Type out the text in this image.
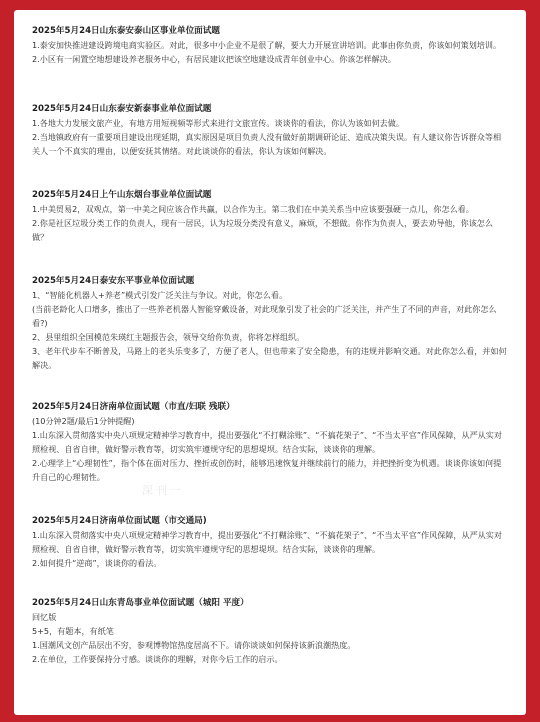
深刊一
2025年5月24日山东泰安泰山区事业单位面试题
1.泰安加快推进建设跨境电商实验区。对此，很多中小企业不是很了解，要大力开展宣讲培训。此事由你负责，你该如何策划培训。
2.小区有一闲置空地想建设养老服务中心，有居民建议把该空地建设成青年创业中心。你该怎样解决。
2025年5月24日山东泰安新泰事业单位面试题
1.各地大力发展文旅产业，有地方用短视频等形式来进行文旅宣传。谈谈你的看法，你认为该如何去做。
2.当地镇政府有一重要项目建设出现延期，真实原因是项目负责人没有做好前期调研论证、造成决策失误。有人建议你告诉群众等相关人一个不真实的理由，以便安抚其情绪。对此谈谈你的看法，你认为该如何解决。
2025年5月24日上午山东烟台事业单位面试题
1.中美贸易2，双观点，第一中美之间应该合作共赢，以合作为主。第二我们在中美关系当中应该要强硬一点儿，你怎么看。
2.你是社区垃圾分类工作的负责人，现有一居民，认为垃圾分类没有意义，麻烦，不想做。你作为负责人，要去劝导他，你该怎么做？
2025年5月24日泰安东平事业单位面试题
1、“智能化机器人+养老”模式引发广泛关注与争议。对此，你怎么看。
(当前老龄化人口增多，推出了一些养老机器人智能穿戴设备，对此现象引发了社会的广泛关注，并产生了不同的声音，对此你怎么看?)
2、县里组织全国模范朱瑛红主题报告会，领导交给你负责，你将怎样组织。
3、老年代步车不断普及，马路上的老头乐变多了，方便了老人，但也带来了安全隐患，有的违规并影响交通。对此你怎么看，并如何解决。
2025年5月24日济南单位面试题（市直/妇联 残联）
(10分钟2题/最后1分钟提醒)
1.山东深入贯彻落实中央八项规定精神学习教育中，提出要强化“不打糊涂账”、“不搞花架子”、“不当太平官”作风保障，从严从实对照检视、自省自律，做好警示教育等，切实筑牢遵规守纪的思想堤坝。结合实际，谈谈你的理解。
2.心理学上“心理韧性”，指个体在面对压力、挫折或创伤时，能够迅速恢复并继续前行的能力，并把挫折变为机遇。谈谈你该如何提升自己的心理韧性。
2025年5月24日济南单位面试题（市交通局)
1.山东深入贯彻落实中央八项规定精神学习教育中，提出要强化“不打糊涂账”、“不搞花架子”、“不当太平官”作风保障，从严从实对照检视、自省自律，做好警示教育等，切实筑牢遵规守纪的思想堤坝。结合实际，谈谈你的理解。
2.如何提升“逆商”，谈谈你的看法。
2025年5月24日山东青岛事业单位面试题（城阳 平度）
回忆版
5+5，有题本，有纸笔
1.国潮风文创产品层出不穷，参观博物馆热度居高不下。请你谈谈如何保持该新浪潮热度。
2.在单位，工作要保持分寸感。谈谈你的理解，对你今后工作的启示。
